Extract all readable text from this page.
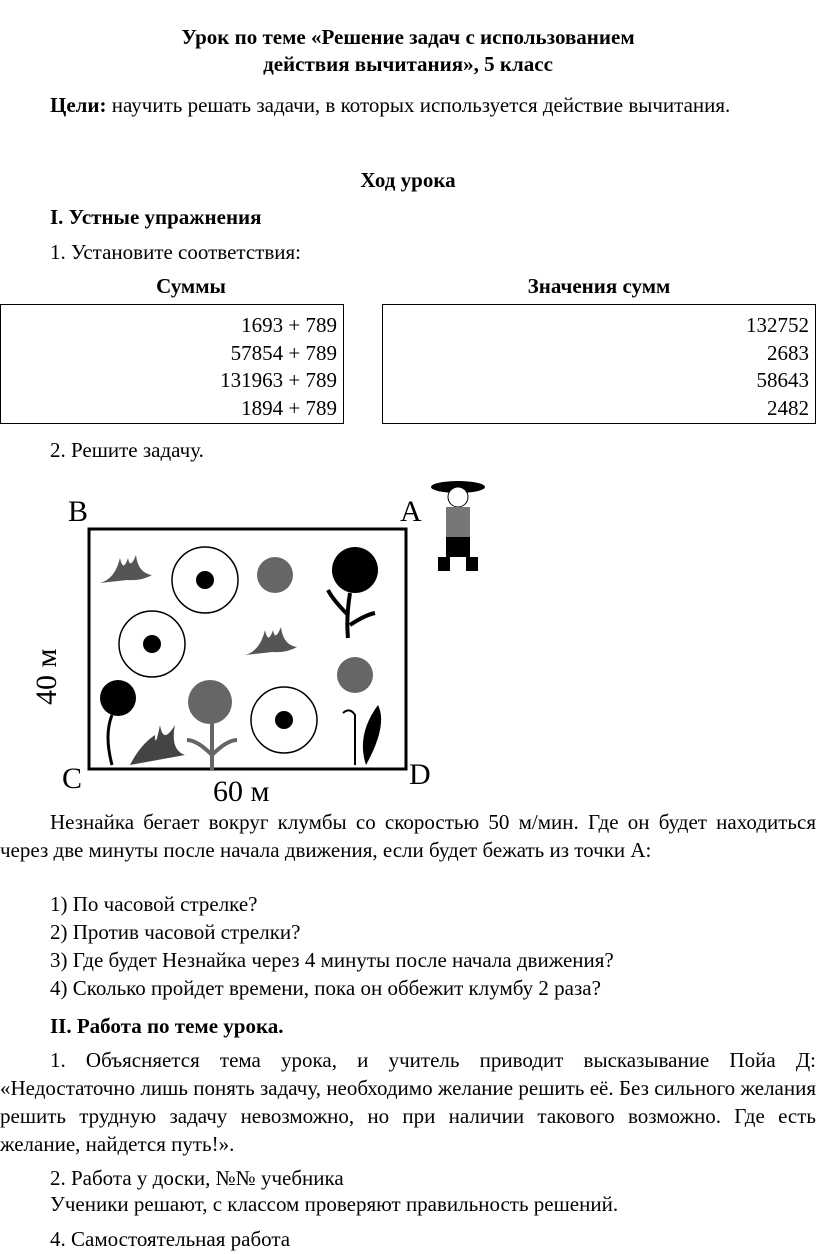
Урок по теме «Решение задач с использованием
действия вычитания», 5 класс
Цели: научить решать задачи, в которых используется действие вычитания.
Ход урока
I. Устные упражнения
1. Установите соответствия:
Суммы	Значения сумм
1693 + 789
57854 + 789
131963 + 789
1894 + 789
132752
2683
58643
2482
2. Решите задачу.
B	A
C	D
60 м
40 м
Незнайка бегает вокруг клумбы со скоростью 50 м/мин. Где он будет находиться через две минуты после начала движения, если будет бежать из точки А:
1) По часовой стрелке?
2) Против часовой стрелки?
3) Где будет Незнайка через 4 минуты после начала движения?
4) Сколько пройдет времени, пока он оббежит клумбу 2 раза?
II. Работа по теме урока.
1. Объясняется тема урока, и учитель приводит высказывание Пойа Д: «Недостаточно лишь понять задачу, необходимо желание решить её. Без сильного желания решить трудную задачу невозможно, но при наличии такового возможно. Где есть желание, найдется путь!».
2. Работа у доски, №№ учебника
Ученики решают, с классом проверяют правильность решений.
4. Самостоятельная работа
